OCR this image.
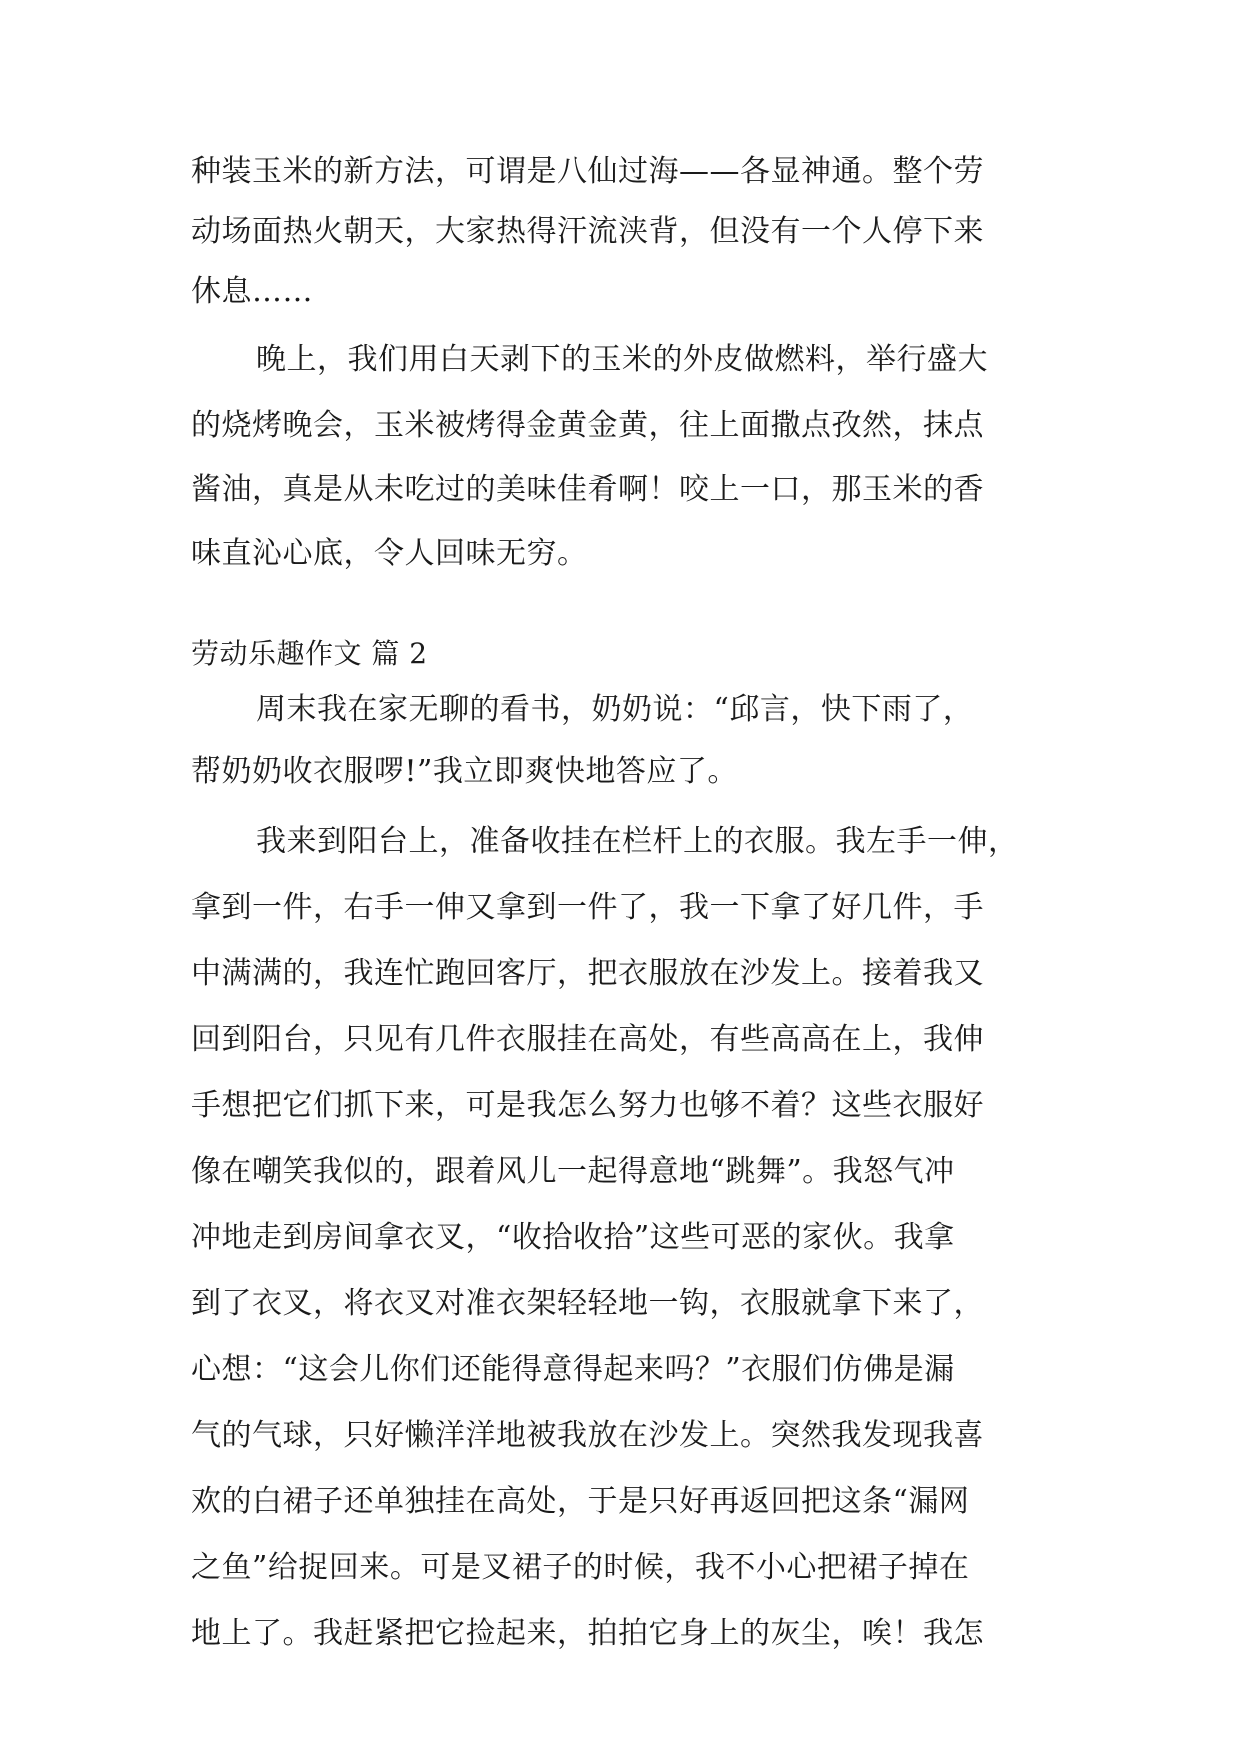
种装玉米的新方法，可谓是八仙过海——各显神通。整个劳
动场面热火朝天，大家热得汗流浃背，但没有一个人停下来
休息……
晚上，我们用白天剥下的玉米的外皮做燃料，举行盛大
的烧烤晚会，玉米被烤得金黄金黄，往上面撒点孜然，抹点
酱油，真是从未吃过的美味佳肴啊！咬上一口，那玉米的香
味直沁心底，令人回味无穷。
劳动乐趣作文 篇 2
周末我在家无聊的看书，奶奶说：“邱言，快下雨了，
帮奶奶收衣服啰!”我立即爽快地答应了。
我来到阳台上，准备收挂在栏杆上的衣服。我左手一伸，
拿到一件，右手一伸又拿到一件了，我一下拿了好几件，手
中满满的，我连忙跑回客厅，把衣服放在沙发上。接着我又
回到阳台，只见有几件衣服挂在高处，有些高高在上，我伸
手想把它们抓下来，可是我怎么努力也够不着？这些衣服好
像在嘲笑我似的，跟着风儿一起得意地“跳舞”。我怒气冲
冲地走到房间拿衣叉，“收拾收拾”这些可恶的家伙。我拿
到了衣叉，将衣叉对准衣架轻轻地一钩，衣服就拿下来了，
心想：“这会儿你们还能得意得起来吗？”衣服们仿佛是漏
气的气球，只好懒洋洋地被我放在沙发上。突然我发现我喜
欢的白裙子还单独挂在高处，于是只好再返回把这条“漏网
之鱼”给捉回来。可是叉裙子的时候，我不小心把裙子掉在
地上了。我赶紧把它捡起来，拍拍它身上的灰尘，唉！我怎
